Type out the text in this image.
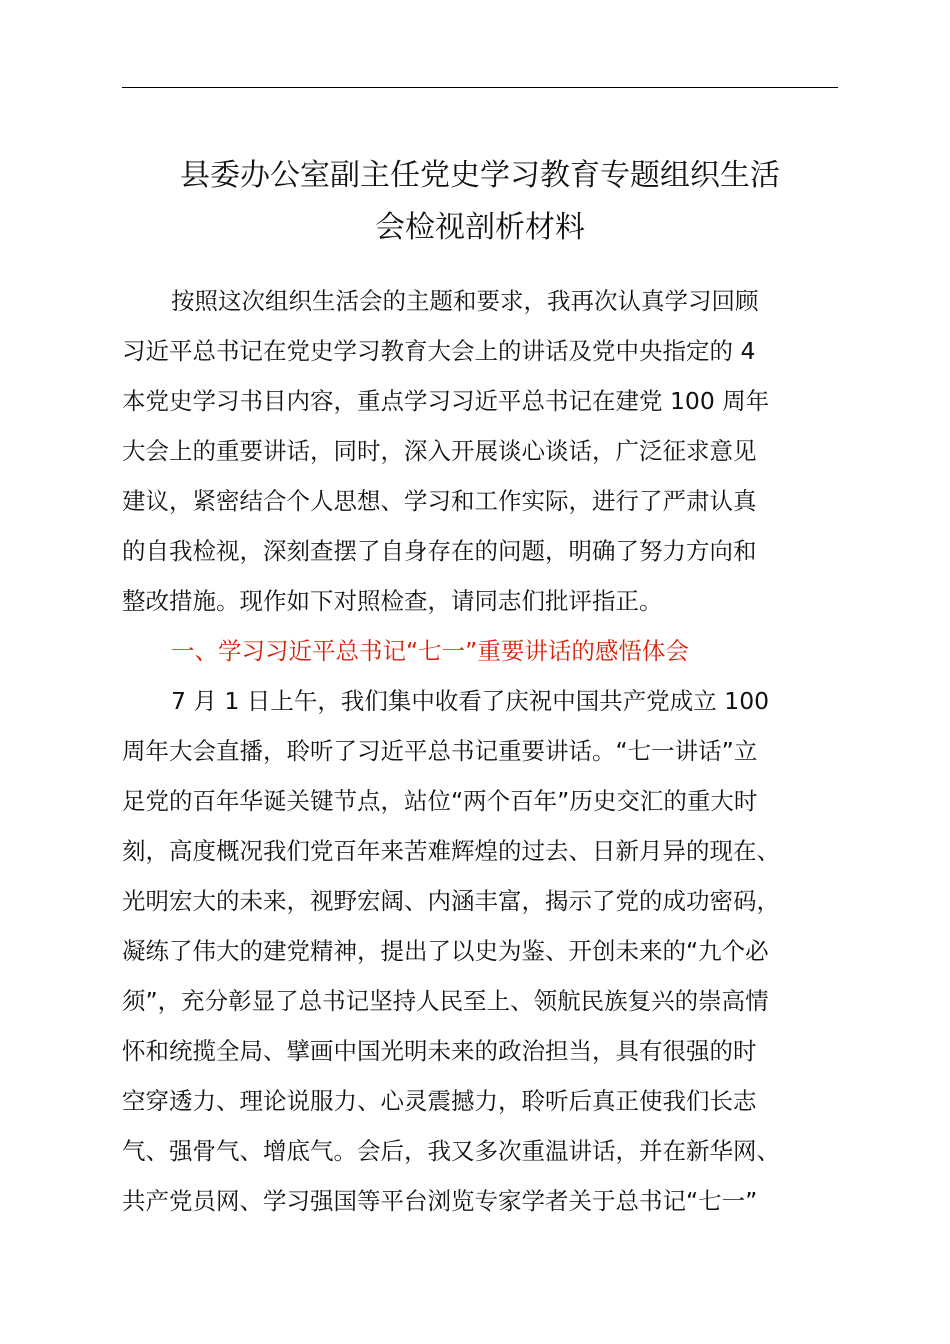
县委办公室副主任党史学习教育专题组织生活
会检视剖析材料
按照这次组织生活会的主题和要求，我再次认真学习回顾
习近平总书记在党史学习教育大会上的讲话及党中央指定的 4
本党史学习书目内容，重点学习习近平总书记在建党 100 周年
大会上的重要讲话，同时，深入开展谈心谈话，广泛征求意见
建议，紧密结合个人思想、学习和工作实际，进行了严肃认真
的自我检视，深刻查摆了自身存在的问题，明确了努力方向和
整改措施。现作如下对照检查，请同志们批评指正。
一、学习习近平总书记“七一”重要讲话的感悟体会
7 月 1 日上午，我们集中收看了庆祝中国共产党成立 100
周年大会直播，聆听了习近平总书记重要讲话。“七一讲话”立
足党的百年华诞关键节点，站位“两个百年”历史交汇的重大时
刻，高度概况我们党百年来苦难辉煌的过去、日新月异的现在、
光明宏大的未来，视野宏阔、内涵丰富，揭示了党的成功密码，
凝练了伟大的建党精神，提出了以史为鉴、开创未来的“九个必
须”，充分彰显了总书记坚持人民至上、领航民族复兴的崇高情
怀和统揽全局、擘画中国光明未来的政治担当，具有很强的时
空穿透力、理论说服力、心灵震撼力，聆听后真正使我们长志
气、强骨气、增底气。会后，我又多次重温讲话，并在新华网、
共产党员网、学习强国等平台浏览专家学者关于总书记“七一”
